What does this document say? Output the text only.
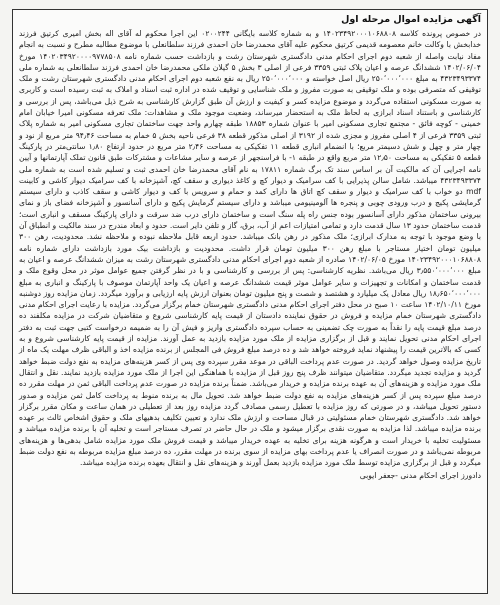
آگهی مزایده اموال مرحله اول

در خصوص پرونده کلاسه ۱۴۰۲۳۴۹۲۰۰۰۱۰۶۸۸۰۸ و به شماره کلاسه بایگانی ۰۲۰۰۲۴۴ این اجرا محکوم له آقای اله بخش امیری کرتیق فرزند خدابخش با وکالت خانم معصومه قدیمی کرتیق محکوم علیه آقای محمدرضا خان احمدی فرزند سلطانعلی با موضوع مطالبه مطرح و نسبت به انجام مفاد نیابت واصله از شعبه دوم اجرای احکام مدنی دادگستری شهرستان رشت و بازداشت حسب شماره نامه ۱۴۰۲۰۳۴۹۲۰۰۰۰۹۷۷۸۵۰۸ مورخ ۱۴۰۲/۰۶/۰۴ ششدانگ عرصه و اعیان پلاک ثبتی ۳۳۵۹ فرعی از اصلی ۳ بخش ۵ گیلان ملکی محمدرضا خان احمدی فرزند سلطانعلی به شماره ملی ۴۳۲۳۴۹۳۳۷۴ به مبلغ ۲۵۰٬۰۰۰٬۰۰۰ ریال اصل خواسته و ۲۵۰٬۰۰۰٬۰۰۰ ریال به نفع شعبه دوم اجرای احکام مدنی دادگستری شهرستان رشت و ملک توقیفی که متصرفی بوده و ملک توقیفی به صورت مفروز و ملک شناسایی و توقیف شده در اداره ثبت اسناد و املاک به ثبت رسیده است و کاربری به صورت مسکونی استفاده می‌گردد و موضوع مزایده کسر و کیفیت و ارزش آن طبق گزارش کارشناسی به شرح ذیل می‌باشد، پس از بررسی و کارشناسی و باستناد اسناد ابرازی به لحاظ ملک به استحضار میرساند، وضعیت موجود ملک و مشاهدات: ملک تعرفه مسکونی امیرا خیابان امام خمینی - کوچه فائق - مجتمع تجاری مسکونی امیر با عنوان شماره ۱۸۸۵۳ طبقه چهارم واحد جهت ساختمان تجاری مسکونی امیر به شماره پلاک ثبتی ۳۳۵۹ فرعی از ۴ اصلی مفروز و مجزی شده از ۳۱۹۲ از اصلی مذکور قطعه ۳۸ فرعی ناحیه بخش ۵ خمام به مساحت ۹۴٫۴۶ متر مربع از نود و چهار متر و چهل و شش دسیمتر مربع؛ با انضمام انباری قطعه ۱۱ تفکیکی به مساحت ۲٫۴۶ متر مربع در حدود ارتفاع ۱٫۸۰ سانتی‌متر در پارکینگ قطعه ۵ تفکیکی به مساحت ۱۲٫۵۰ متر مربع واقع در طبقه ۱- با فراسنجهر از عرصه و سایر مشاعات و مشترکات طبق قانون تملک آپارتمانها و آیین نامه اجرایی آن که مالکیت آن بر اساس سند تک برگ شماره ۱۷۸۱۱ به نام آقای محمدرضا خان احمدی ثبت و تسلیم شده است به شماره ملی ۴۳۲۳۴۹۳۳۷۴ میباشد. شامل سالن پذیرایی با کف سرامیک و دیوار کچ و کاغذ دیواری و سقف کچ، آشپزخانه با کف سرامیک دیوار کاشی و کابینت mdf دو خواب با کف سرامیک و دیوار و سقف کچ اتاق ها دارای کمد و حمام و سرویس با کف و دیوار کاشی و سقف کاذب و دارای سیستم گرمایشی پکیج و درب ورودی چوبی و پنجره ها آلومینیومی میباشد و دارای سیستم گرمایش پکیج و دارای آسانسور و آشپزخانه فضای باز و نمای بیرونی ساختمان مذکور دارای آسانسور بوده جنس راه پله سنگ است و ساختمان دارای درب ضد سرقت و دارای پارکینگ مسقف و انباری است؛ قدمت ساختمان حدود ۱۳ سال قدمت دارد و تمامی امتیازات اعم از آب، برق، گاز و تلفن دایر است. حدود و ابعاد مندرج در سند مالکیت و انطباق آن با وضع موجود با توجه به مدارک ابرازی؛ ملک مذکور در رهن بانک میباشد. حدود اربعه قابل ملاحظه نبوده و ملاحظه نشد. محدودیت، رهن ۳۰۰ میلیون تومان اختیار مستاجر با مبلغ رهن ۳۰۰ میلیون تومان قرار داشت. محدودیت و بازداشت بیک مورد بازداشت دارای شماره نامه ۱۴۰۲۳۴۹۲۰۰۰۱۰۶۸۸۰۸ مورخ ۱۴۰۲/۰۶/۰۵ صادره از شعبه دوم اجرای احکام مدنی دادگستری شهرستان رشت به میزان ششدانگ عرصه و اعیان به مبلغ ۳٫۵۵۰٬۰۰۰٬۰۰۰ ریال می‌باشد. نظریه کارشناسی: پس از بررسی و کارشناسی و با در نظر گرفتن جمیع عوامل موثر در محل وقوع ملک و قدمت ساختمان و امکانات و تجهیزات و سایر عوامل موثر قیمت ششدانگ عرصه و اعیان یک واحد آپارتمان موصوف با پارکینگ و انباری به مبلغ ۱۸٫۶۵۰٬۰۰۰٬۰۰۰ ریال معادل یک میلیارد و هشتصد و شصت و پنج میلیون تومان بعنوان ارزش پایه ارزیابی و برآورد میگردد. زمان مزایده روز دوشنبه مورخ ۱۴۰۲/۱۰/۱۱ ساعت ۱۰ صبح در محل دفتر اجرای احکام مدنی دادگستری شهرستان خمام برگزار می‌گردد. مزایده با رعایت اجرای احکام مدنی دادگستری شهرستان خمام مزایده و فروش در حقوق نماینده دادستان از قیمت پایه کارشناسی شروع و متقاضیان شرکت در مزایده مکلفند ده درصد مبلغ قیمت پایه را نقداً به صورت چک تضمینی به حساب سپرده دادگستری واریز و فیش آن را به ضمیمه درخواست کتبی جهت ثبت به دفتر اجرای احکام مدنی تحویل نمایند و قبل از برگزاری مزایده از ملک مورد مزایده بازدید به عمل آورند. مزایده از قیمت پایه کارشناسی شروع و به کسی که بالاترین قیمت را پیشنهاد نماید فروخته خواهد شد و ده درصد مبلغ فروش فی المجلس از برنده مزایده اخذ و الباقی ظرف مهلت یک ماه از تاریخ مزایده وصول خواهد گردید. در صورت عدم پرداخت الباقی در موعد مقرر سپرده وی پس از کسر هزینه‌های مزایده به نفع دولت ضبط خواهد گردید و مزایده تجدید میگردد. متقاضیان میتوانند ظرف پنج روز قبل از مزایده با هماهنگی این اجرا از ملک مورد مزایده بازدید نمایند. نقل و انتقال ملک مورد مزایده و هزینه‌های آن به عهده برنده مزایده و خریدار می‌باشد. ضمناً برنده مزایده در صورت عدم پرداخت الباقی ثمن در مهلت مقرر ده درصد مبلغ سپرده پس از کسر هزینه‌های مزایده به نفع دولت ضبط خواهد شد. تحویل مال به برنده منوط به پرداخت کامل ثمن مزایده و صدور دستور تحویل میباشد، و در صورتی که روز مزایده با تعطیل رسمی مصادف گردد مزایده روز بعد از تعطیلی در همان ساعت و مکان مقرر برگزار خواهد شد. دادگستری شهرستان خمام مسئولیتی در قبال مساحت و ارزش ملک ندارد و تعیین تکلیف بدهیهای ملک و حقوق اشخاص ثالث بر عهده برنده مزایده میباشد. لذا مزایده به صورت نقدی برگزار میشود و ملک در حال حاضر در تصرف مستاجر است و تخلیه آن با برنده مزایده میباشد و مسئولیت تخلیه با خریدار است و هرگونه هزینه برای تخلیه به عهده خریدار میباشد و قیمت فروش ملک مورد مزایده شامل بدهی‌ها و هزینه‌های مربوطه نمی‌باشد و در صورت انصراف یا عدم پرداخت بهای مزایده از سوی برنده در مهلت مقرر، ده درصد مبلغ مزایده مربوطه به نفع دولت ضبط میگردد و قبل از برگزاری مزایده توسط ملک مورد مزایده بازدید بعمل آورند و هزینه‌های نقل و انتقال بعهده برنده مزایده میباشد.

دادورز اجرای احکام مدنی -جعفر ایوبی
